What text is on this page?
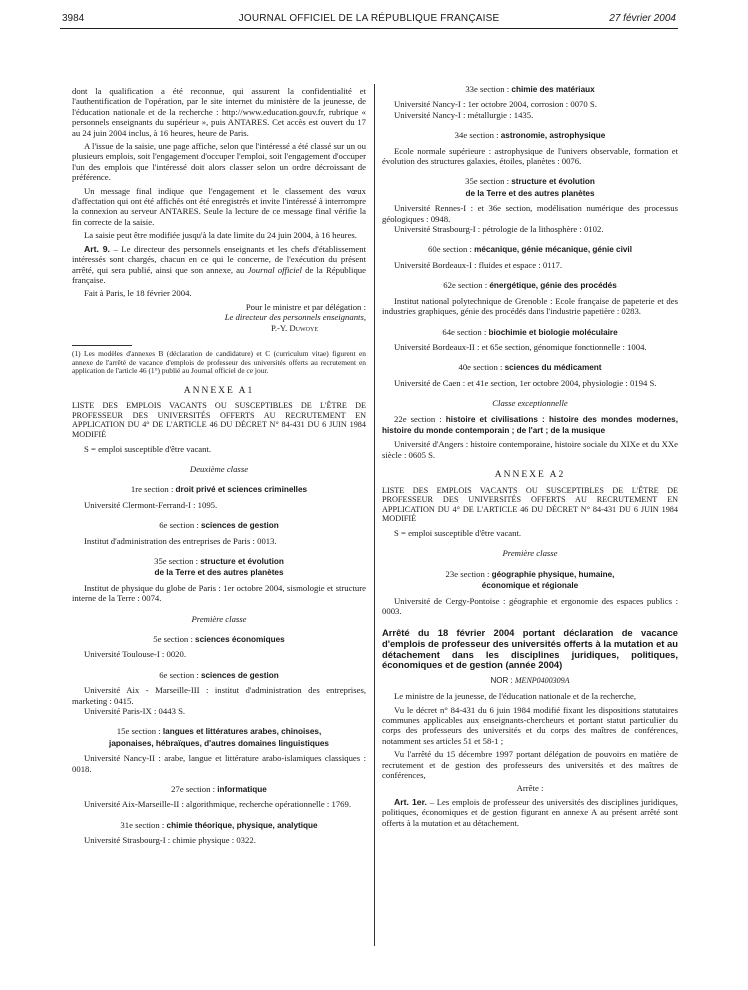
3984	JOURNAL OFFICIEL DE LA RÉPUBLIQUE FRANÇAISE	27 février 2004

dont la qualification a été reconnue, qui assurent la confidentialité et l'authentification de l'opération, par le site internet du ministère de la jeunesse, de l'éducation nationale et de la recherche : http://www.education.gouv.fr, rubrique « personnels enseignants du supérieur », puis ANTARES. Cet accès est ouvert du 17 au 24 juin 2004 inclus, à 16 heures, heure de Paris.

A l'issue de la saisie, une page affiche, selon que l'intéressé a été classé sur un ou plusieurs emplois, soit l'engagement d'occuper l'emploi, soit l'engagement d'occuper l'un des emplois que l'intéressé doit alors classer selon un ordre décroissant de préférence.

Un message final indique que l'engagement et le classement des vœux d'affectation qui ont été affichés ont été enregistrés et invite l'intéressé à interrompre la connexion au serveur ANTARES. Seule la lecture de ce message final vérifie la fin correcte de la saisie.

La saisie peut être modifiée jusqu'à la date limite du 24 juin 2004, à 16 heures.

Art. 9. – Le directeur des personnels enseignants et les chefs d'établissement intéressés sont chargés, chacun en ce qui le concerne, de l'exécution du présent arrêté, qui sera publié, ainsi que son annexe, au Journal officiel de la République française.

Fait à Paris, le 18 février 2004.

Pour le ministre et par délégation :

Le directeur des personnels enseignants,

P.-Y. Duwoye

(1) Les modèles d'annexes B (déclaration de candidature) et C (curriculum vitae) figurent en annexe de l'arrêté de vacance d'emplois de professeur des universités offerts au recrutement en application de l'article 46 (1°) publié au Journal officiel de ce jour.

ANNEXE A1

LISTE DES EMPLOIS VACANTS OU SUSCEPTIBLES DE L'ÊTRE DE PROFESSEUR DES UNIVERSITÉS OFFERTS AU RECRUTEMENT EN APPLICATION DU 4° DE L'ARTICLE 46 DU DÉCRET N° 84-431 DU 6 JUIN 1984 MODIFIÉ

S = emploi susceptible d'être vacant.

Deuxième classe
1re section : droit privé et sciences criminelles

Université Clermont-Ferrand-I : 1095.

6e section : sciences de gestion

Institut d'administration des entreprises de Paris : 0013.

35e section : structure et évolution
de la Terre et des autres planètes

Institut de physique du globe de Paris : 1er octobre 2004, sismologie et structure interne de la Terre : 0074.

Première classe
5e section : sciences économiques

Université Toulouse-I : 0020.

6e section : sciences de gestion

Université Aix - Marseille-III : institut d'administration des entreprises, marketing : 0415.

Université Paris-IX : 0443 S.

15e section : langues et littératures arabes, chinoises,
japonaises, hébraïques, d'autres domaines linguistiques

Université Nancy-II : arabe, langue et littérature arabo-islamiques classiques : 0018.

27e section : informatique

Université Aix-Marseille-II : algorithmique, recherche opérationnelle : 1769.

31e section : chimie théorique, physique, analytique

Université Strasbourg-I : chimie physique : 0322.

33e section : chimie des matériaux

Université Nancy-I : 1er octobre 2004, corrosion : 0070 S.

Université Nancy-I : métallurgie : 1435.

34e section : astronomie, astrophysique

Ecole normale supérieure : astrophysique de l'univers observable, formation et évolution des structures galaxies, étoiles, planètes : 0076.

35e section : structure et évolution
de la Terre et des autres planètes

Université Rennes-I : et 36e section, modélisation numérique des processus géologiques : 0948.

Université Strasbourg-I : pétrologie de la lithosphère : 0102.

60e section : mécanique, génie mécanique, génie civil

Université Bordeaux-I : fluides et espace : 0117.

62e section : énergétique, génie des procédés

Institut national polytechnique de Grenoble : Ecole française de papeterie et des industries graphiques, génie des procédés dans l'industrie papetière : 0283.

64e section : biochimie et biologie moléculaire

Université Bordeaux-II : et 65e section, génomique fonctionnelle : 1004.

40e section : sciences du médicament

Université de Caen : et 41e section, 1er octobre 2004, physiologie : 0194 S.

Classe exceptionnelle

22e section : histoire et civilisations : histoire des mondes modernes, histoire du monde contemporain ; de l'art ; de la musique

Université d'Angers : histoire contemporaine, histoire sociale du XIXe et du XXe siècle : 0605 S.

ANNEXE A2

LISTE DES EMPLOIS VACANTS OU SUSCEPTIBLES DE L'ÊTRE DE PROFESSEUR DES UNIVERSITÉS OFFERTS AU RECRUTEMENT EN APPLICATION DU 4° DE L'ARTICLE 46 DU DÉCRET N° 84-431 DU 6 JUIN 1984 MODIFIÉ

S = emploi susceptible d'être vacant.

Première classe
23e section : géographie physique, humaine,
économique et régionale

Université de Cergy-Pontoise : géographie et ergonomie des espaces publics : 0003.

Arrêté du 18 février 2004 portant déclaration de vacance d'emplois de professeur des universités offerts à la mutation et au détachement dans les disciplines juridiques, politiques, économiques et de gestion (année 2004)

NOR : MENP0400309A

Le ministre de la jeunesse, de l'éducation nationale et de la recherche,

Vu le décret n° 84-431 du 6 juin 1984 modifié fixant les dispositions statutaires communes applicables aux enseignants-chercheurs et portant statut particulier du corps des professeurs des universités et du corps des maîtres de conférences, notamment ses articles 51 et 58-1 ;

Vu l'arrêté du 15 décembre 1997 portant délégation de pouvoirs en matière de recrutement et de gestion des professeurs des universités et des maîtres de conférences,

Arrête :

Art. 1er. – Les emplois de professeur des universités des disciplines juridiques, politiques, économiques et de gestion figurant en annexe A au présent arrêté sont offerts à la mutation et au détachement.
